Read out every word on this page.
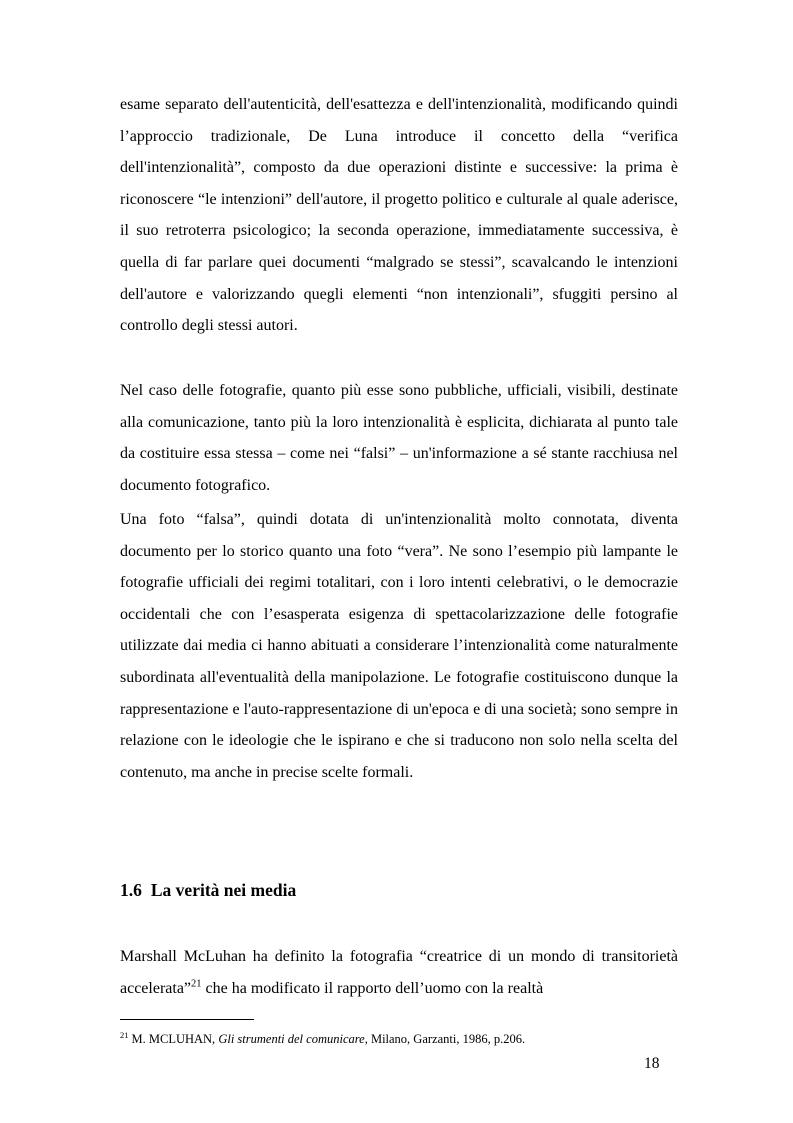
esame separato dell'autenticità, dell'esattezza e dell'intenzionalità, modificando quindi l’approccio tradizionale, De Luna introduce il concetto della “verifica dell'intenzionalità”, composto da due operazioni distinte e successive: la prima è riconoscere “le intenzioni” dell'autore, il progetto politico e culturale al quale aderisce, il suo retroterra psicologico; la seconda operazione, immediatamente successiva, è quella di far parlare quei documenti “malgrado se stessi”, scavalcando le intenzioni dell'autore e valorizzando quegli elementi “non intenzionali”, sfuggiti persino al controllo degli stessi autori.

Nel caso delle fotografie, quanto più esse sono pubbliche, ufficiali, visibili, destinate alla comunicazione, tanto più la loro intenzionalità è esplicita, dichiarata al punto tale da costituire essa stessa – come nei “falsi” – un'informazione a sé stante racchiusa nel documento fotografico.

Una foto “falsa”, quindi dotata di un'intenzionalità molto connotata, diventa documento per lo storico quanto una foto “vera”. Ne sono l’esempio più lampante le fotografie ufficiali dei regimi totalitari, con i loro intenti celebrativi, o le democrazie occidentali che con l’esasperata esigenza di spettacolarizzazione delle fotografie utilizzate dai media ci hanno abituati a considerare l’intenzionalità come naturalmente subordinata all'eventualità della manipolazione. Le fotografie costituiscono dunque la rappresentazione e l'auto-rappresentazione di un'epoca e di una società; sono sempre in relazione con le ideologie che le ispirano e che si traducono non solo nella scelta del contenuto, ma anche in precise scelte formali.

1.6 La verità nei media

Marshall McLuhan ha definito la fotografia “creatrice di un mondo di transitorietà accelerata”$^{21}$ che ha modificato il rapporto dell’uomo con la realtà

$^{21}$ M. MCLUHAN, Gli strumenti del comunicare, Milano, Garzanti, 1986, p.206.

18
